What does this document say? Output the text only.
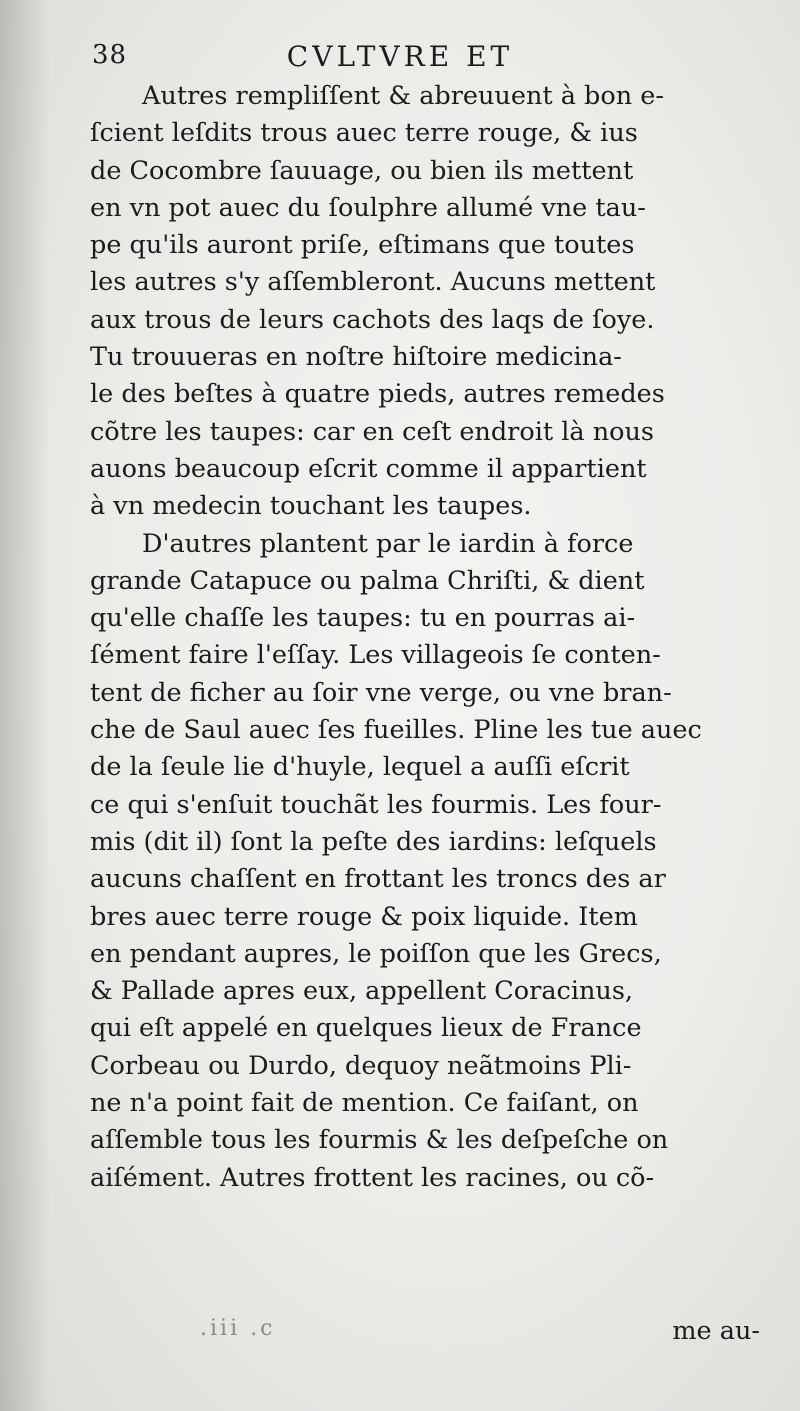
38	CVLTVRE ET
Autres rempliſſent & abreuuent à bon e-
ſcient leſdits trous auec terre rouge, & ius
de Cocombre ſauuage, ou bien ils mettent
en vn pot auec du ſoulphre allumé vne tau-
pe qu'ils auront priſe, eſtimans que toutes
les autres s'y aſſembleront. Aucuns mettent
aux trous de leurs cachots des laqs de ſoye.
Tu trouueras en noſtre hiſtoire medicina-
le des beſtes à quatre pieds, autres remedes
cõtre les taupes: car en ceſt endroit là nous
auons beaucoup eſcrit comme il appartient
à vn medecin touchant les taupes.
D'autres plantent par le iardin à force
grande Catapuce ou palma Chriſti, & dient
qu'elle chaſſe les taupes: tu en pourras ai-
ſément faire l'eſſay. Les villageois ſe conten-
tent de ficher au ſoir vne verge, ou vne bran-
che de Saul auec ſes fueilles. Pline les tue auec
de la ſeule lie d'huyle, lequel a auſſi eſcrit
ce qui s'enſuit touchãt les fourmis. Les four-
mis (dit il) ſont la peſte des iardins: leſquels
aucuns chaſſent en frottant les troncs des ar
bres auec terre rouge & poix liquide. Item
en pendant aupres, le poiſſon que les Grecs,
& Pallade apres eux, appellent Coracinus,
qui eſt appelé en quelques lieux de France
Corbeau ou Durdo, dequoy neãtmoins Pli-
ne n'a point fait de mention. Ce faiſant, on
aſſemble tous les fourmis & les deſpeſche on
aiſément. Autres frottent les racines, ou cõ-
.iii .c	me au-
